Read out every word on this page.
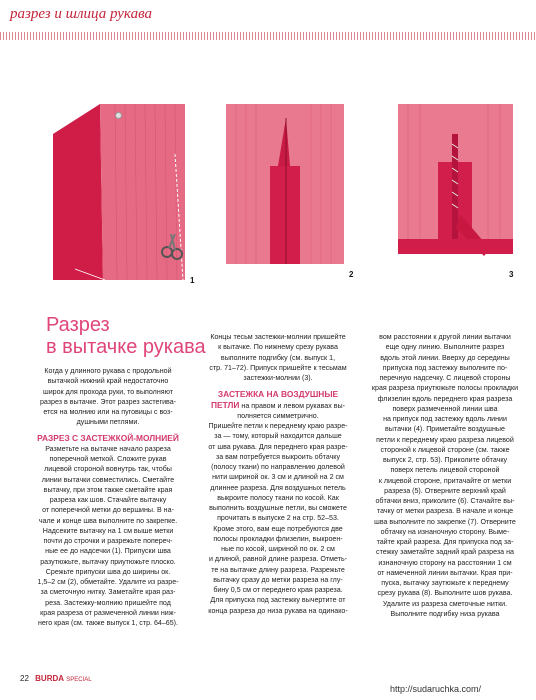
разрез и шлица рукава
1
2	3
Разрез
в вытачке рукава
Когда у длинного рукава с продольной
вытачкой нижний край недостаточно
широк для прохода руки, то выполняют
разрез в вытачке. Этот разрез застегива-
ется на молнию или на пуговицы с воз-
душными петлями.
РАЗРЕЗ С ЗАСТЕЖКОЙ-МОЛНИЕЙ
Разметьте на вытачке начало разреза
поперечной меткой. Сложите рукав
лицевой стороной вовнутрь так, чтобы
линии вытачки совместились. Сметайте
вытачку, при этом также сметайте края
разреза как шов. Стачайте вытачку
от поперечной метки до вершины. В на-
чале и конце шва выполните по закрепке.
Надсеките вытачку на 1 см выше метки
почти до строчки и разрежьте попереч-
ные ее до надсечки (1). Припуски шва
разутюжьте, вытачку приутюжьте плоско.
Срежьте припуски шва до ширины ок.
1,5–2 см (2), обметайте. Удалите из разре-
за сметочную нитку. Заметайте края раз-
реза. Застежку-молнию пришейте под
края разреза от размеченной линии ниж-
него края (см. также выпуск 1, стр. 64–65).
Концы тесьм застежки-молнии пришейте
к вытачке. По нижнему срезу рукава
выполните подгибку (см. выпуск 1,
стр. 71–72). Припуск пришейте к тесьмам
застежки-молнии (3).
ЗАСТЕЖКА НА ВОЗДУШНЫЕ
ПЕТЛИ на правом и левом рукавах вы-
полняется симметрично.
Пришейте петли к переднему краю разре-
за — тому, который находится дальше
от шва рукава. Для переднего края разре-
за вам потребуется выкроить обтачку
(полосу ткани) по направлению долевой
нити шириной ок. 3 см и длиной на 2 см
длиннее разреза. Для воздушных петель
выкроите полосу ткани по косой. Как
выполнить воздушные петли, вы сможете
прочитать в выпуске 2 на стр. 52–53.
Кроме этого, вам еще потребуются две
полосы прокладки флизелин, выкроен-
ные по косой, шириной по ок. 2 см
и длиной, равной длине разреза. Отметь-
те на вытачке длину разреза. Разрежьте
вытачку сразу до метки разреза на глу-
бину 0,5 см от переднего края разреза.
Для припуска под застежку вычертите от
конца разреза до низа рукава на одинако-
вом расстоянии к другой линии вытачки
еще одну линию. Выполните разрез
вдоль этой линии. Вверху до середины
припуска под застежку выполните по-
перечную надсечку. С лицевой стороны
края разреза приутюжьте полосы прокладки
флизелин вдоль переднего края разреза
поверх размеченной линии шва
на припуск под застежку вдоль линии
вытачки (4). Приметайте воздушные
петли к переднему краю разреза лицевой
стороной к лицевой стороне (см. также
выпуск 2, стр. 53). Приколите обтачку
поверх петель лицевой стороной
к лицевой стороне, притачайте от метки
разреза (5). Отверните верхний край
обтачки вниз, приколите (6). Стачайте вы-
тачку от метки разреза. В начале и конце
шва выполните по закрепке (7). Отверните
обтачку на изнаночную сторону. Выме-
тайте край разреза. Для припуска под за-
стежку заметайте задний край разреза на
изнаночную сторону на расстоянии 1 см
от намеченной линии вытачки. Края при-
пуска, вытачку заутюжьте к переднему
срезу рукава (8). Выполните шов рукава.
Удалите из разреза сметочные нитки.
Выполните подгибку низа рукава
22 BURDA SPECIAL
http://sudaruchka.com/
